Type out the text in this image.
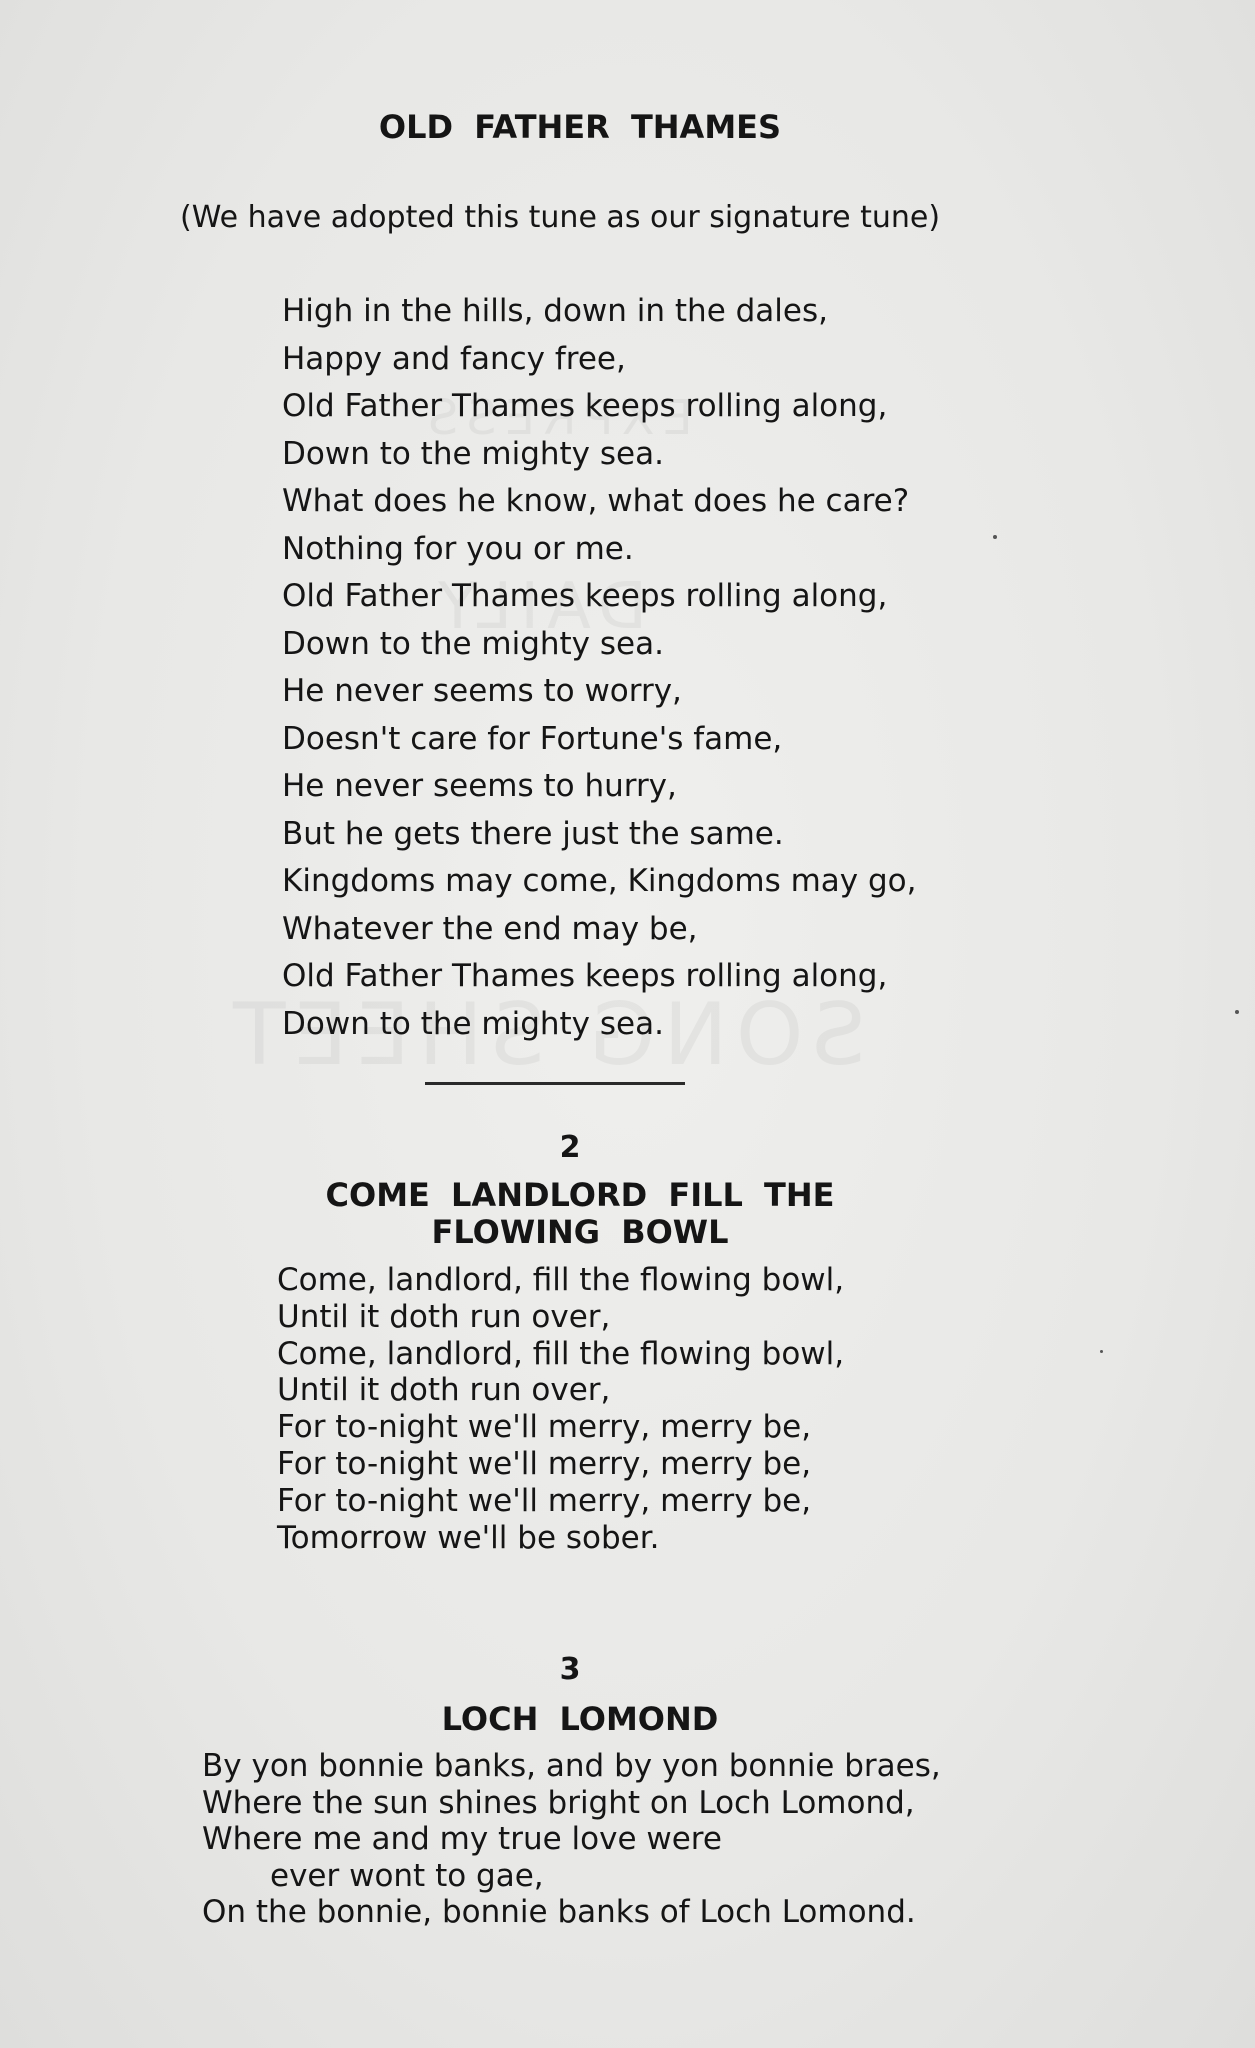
OLD FATHER THAMES

(We have adopted this tune as our signature tune)

High in the hills, down in the dales,
Happy and fancy free,
Old Father Thames keeps rolling along,
Down to the mighty sea.
What does he know, what does he care?
Nothing for you or me.
Old Father Thames keeps rolling along,
Down to the mighty sea.
He never seems to worry,
Doesn't care for Fortune's fame,
He never seems to hurry,
But he gets there just the same.
Kingdoms may come, Kingdoms may go,
Whatever the end may be,
Old Father Thames keeps rolling along,
Down to the mighty sea.

2

COME LANDLORD FILL THE
FLOWING BOWL
Come, landlord, fill the flowing bowl,
Until it doth run over,
Come, landlord, fill the flowing bowl,
Until it doth run over,
For to-night we'll merry, merry be,
For to-night we'll merry, merry be,
For to-night we'll merry, merry be,
Tomorrow we'll be sober.

3

LOCH LOMOND
By yon bonnie banks, and by yon bonnie braes,
Where the sun shines bright on Loch Lomond,
Where me and my true love were
ever wont to gae,
On the bonnie, bonnie banks of Loch Lomond.
